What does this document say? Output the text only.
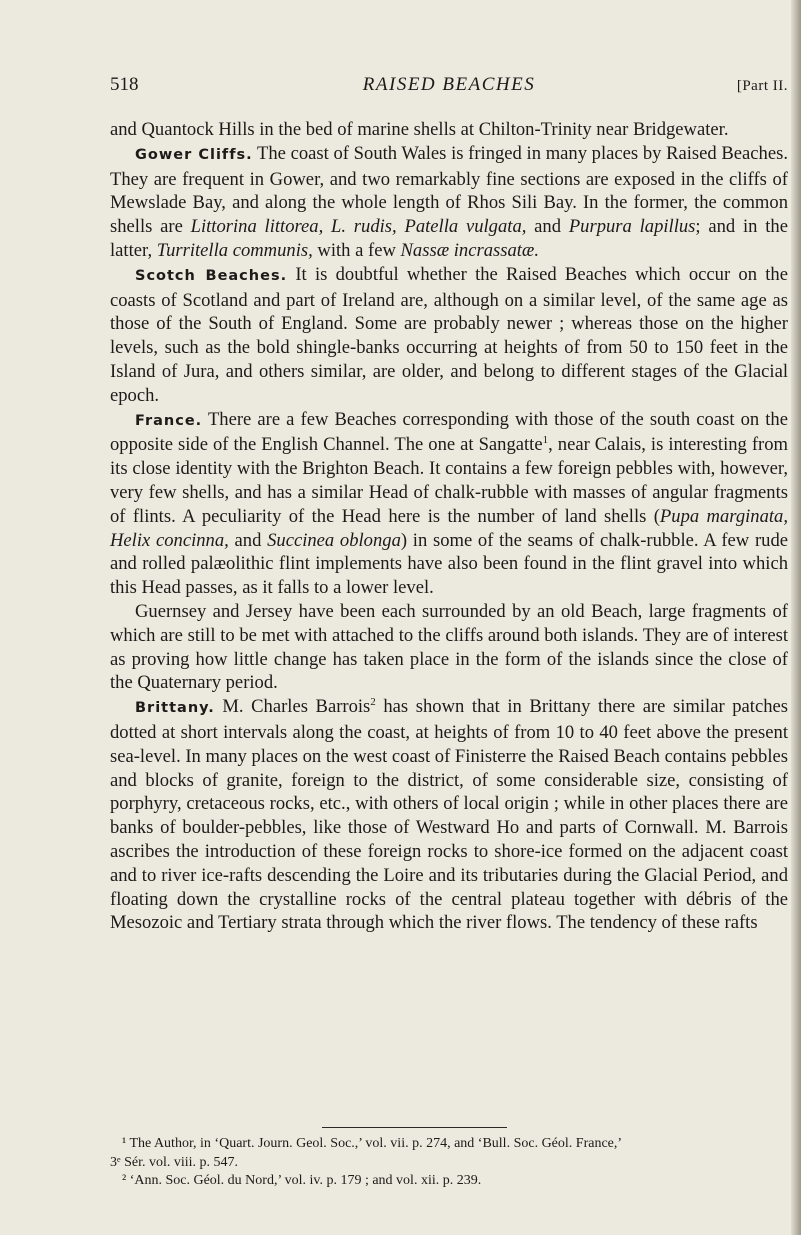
518	RAISED BEACHES	[Part II.

and Quantock Hills in the bed of marine shells at Chilton-Trinity near Bridgewater.

Gower Cliffs. The coast of South Wales is fringed in many places by Raised Beaches. They are frequent in Gower, and two remarkably fine sections are exposed in the cliffs of Mewslade Bay, and along the whole length of Rhos Sili Bay. In the former, the common shells are Littorina littorea, L. rudis, Patella vulgata, and Purpura lapillus; and in the latter, Turritella communis, with a few Nassæ incrassatæ.

Scotch Beaches. It is doubtful whether the Raised Beaches which occur on the coasts of Scotland and part of Ireland are, although on a similar level, of the same age as those of the South of England. Some are probably newer ; whereas those on the higher levels, such as the bold shingle-banks occurring at heights of from 50 to 150 feet in the Island of Jura, and others similar, are older, and belong to different stages of the Glacial epoch.

France. There are a few Beaches corresponding with those of the south coast on the opposite side of the English Channel. The one at Sangatte$^1$, near Calais, is interesting from its close identity with the Brighton Beach. It contains a few foreign pebbles with, however, very few shells, and has a similar Head of chalk-rubble with masses of angular fragments of flints. A peculiarity of the Head here is the number of land shells (Pupa marginata, Helix concinna, and Succinea oblonga) in some of the seams of chalk-rubble. A few rude and rolled palæolithic flint implements have also been found in the flint gravel into which this Head passes, as it falls to a lower level.

Guernsey and Jersey have been each surrounded by an old Beach, large fragments of which are still to be met with attached to the cliffs around both islands. They are of interest as proving how little change has taken place in the form of the islands since the close of the Quaternary period.

Brittany. M. Charles Barrois$^2$ has shown that in Brittany there are similar patches dotted at short intervals along the coast, at heights of from 10 to 40 feet above the present sea-level. In many places on the west coast of Finisterre the Raised Beach contains pebbles and blocks of granite, foreign to the district, of some considerable size, consisting of porphyry, cretaceous rocks, etc., with others of local origin ; while in other places there are banks of boulder-pebbles, like those of Westward Ho and parts of Cornwall. M. Barrois ascribes the introduction of these foreign rocks to shore-ice formed on the adjacent coast and to river ice-rafts descending the Loire and its tributaries during the Glacial Period, and floating down the crystalline rocks of the central plateau together with débris of the Mesozoic and Tertiary strata through which the river flows. The tendency of these rafts

¹ The Author, in ‘Quart. Journ. Geol. Soc.,’ vol. vii. p. 274, and ‘Bull. Soc. Géol. France,’

3ᵉ Sér. vol. viii. p. 547.

² ‘Ann. Soc. Géol. du Nord,’ vol. iv. p. 179 ; and vol. xii. p. 239.
